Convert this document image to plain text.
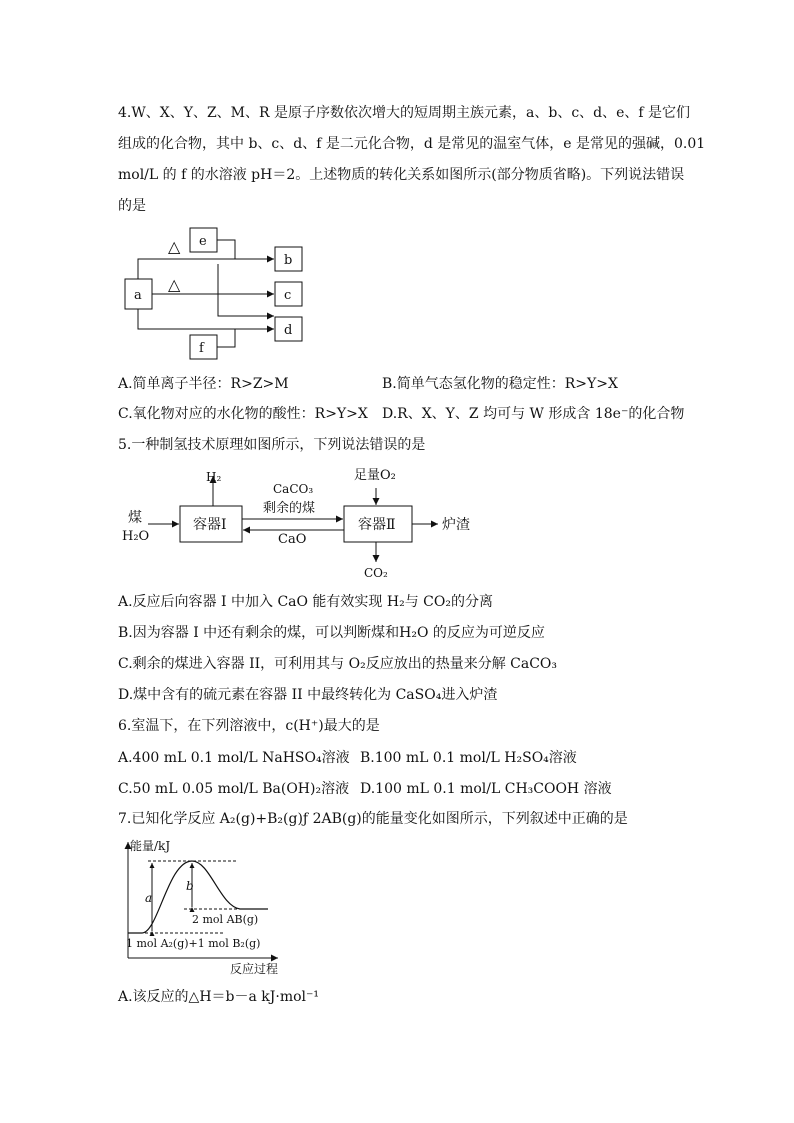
4.W、X、Y、Z、M、R 是原子序数依次增大的短周期主族元素，a、b、c、d、e、f 是它们
组成的化合物，其中 b、c、d、f 是二元化合物，d 是常见的温室气体，e 是常见的强碱，0.01
mol/L 的 f 的水溶液 pH＝2。上述物质的转化关系如图所示(部分物质省略)。下列说法错误
的是
a
e
b
c
d
f
△
△
A.简单离子半径：R>Z>M	B.简单气态氢化物的稳定性：R>Y>X
C.氧化物对应的水化物的酸性：R>Y>X D.R、X、Y、Z 均可与 W 形成含 18e⁻的化合物
5.一种制氢技术原理如图所示，下列说法错误的是
煤
H₂O
H₂
容器Ⅰ	容器Ⅱ
CaCO₃
剩余的煤
CaO
足量O₂
炉渣
CO₂
A.反应后向容器 I 中加入 CaO 能有效实现 H₂与 CO₂的分离
B.因为容器 I 中还有剩余的煤，可以判断煤和H₂O 的反应为可逆反应
C.剩余的煤进入容器 II，可利用其与 O₂反应放出的热量来分解 CaCO₃
D.煤中含有的硫元素在容器 II 中最终转化为 CaSO₄进入炉渣
6.室温下，在下列溶液中，c(H⁺)最大的是
A.400 mL 0.1 mol/L NaHSO₄溶液 B.100 mL 0.1 mol/L H₂SO₄溶液
C.50 mL 0.05 mol/L Ba(OH)₂溶液 D.100 mL 0.1 mol/L CH₃COOH 溶液
7.已知化学反应 A₂(g)+B₂(g)ƒ 2AB(g)的能量变化如图所示，下列叙述中正确的是
能量/kJ
反应过程
a
b
2 mol AB(g)
1 mol A₂(g)+1 mol B₂(g)
A.该反应的△H＝b－a kJ·mol⁻¹
